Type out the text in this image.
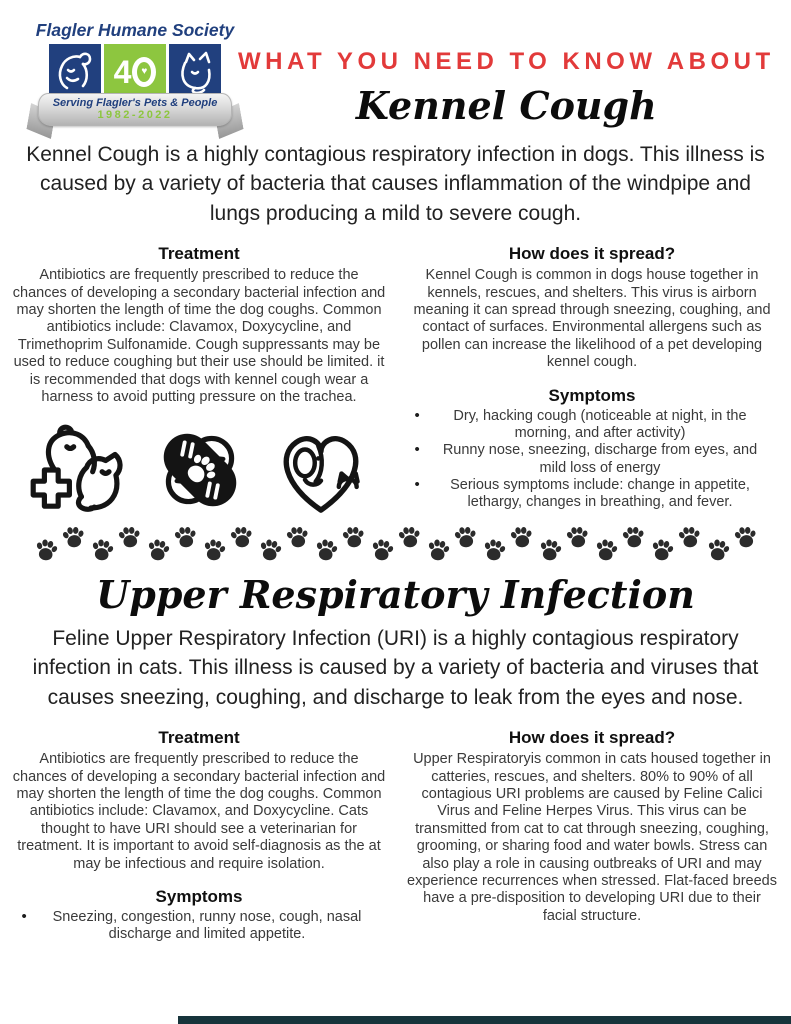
Flagler Humane Society
4 ♥
Serving Flagler's Pets & People
1982-2022
WHAT YOU NEED TO KNOW ABOUT
Kennel Cough
Kennel Cough is a highly contagious respiratory infection in dogs. This illness is caused by a variety of bacteria that causes inflammation of the windpipe and lungs producing a mild to severe cough.
Treatment
Antibiotics are frequently prescribed to reduce the chances of developing a secondary bacterial infection and may shorten the length of time the dog coughs. Common antibiotics include: Clavamox, Doxycycline, and Trimethoprim Sulfonamide. Cough suppressants may be used to reduce coughing but their use should be limited. it is recommended that dogs with kennel cough wear a harness to avoid putting pressure on the trachea.
How does it spread?
Kennel Cough is common in dogs house together in kennels, rescues, and shelters. This virus is airborn meaning it can spread through sneezing, coughing, and contact of surfaces. Environmental allergens such as pollen can increase the likelihood of a pet developing kennel cough.
Symptoms
• Dry, hacking cough (noticeable at night, in the morning, and after activity)
• Runny nose, sneezing, discharge from eyes, and mild loss of energy
• Serious symptoms include: change in appetite, lethargy, changes in breathing, and fever.
Upper Respiratory Infection
Feline Upper Respiratory Infection (URI) is a highly contagious respiratory infection in cats. This illness is caused by a variety of bacteria and viruses that causes sneezing, coughing, and discharge to leak from the eyes and nose.
Treatment
Antibiotics are frequently prescribed to reduce the chances of developing a secondary bacterial infection and may shorten the length of time the dog coughs. Common antibiotics include: Clavamox, and Doxycycline. Cats thought to have URI should see a veterinarian for treatment. It is important to avoid self-diagnosis as the at may be infectious and require isolation.
Symptoms
• Sneezing, congestion, runny nose, cough, nasal discharge and limited appetite.
How does it spread?
Upper Respiratoryis common in cats housed together in catteries, rescues, and shelters. 80% to 90% of all contagious URI problems are caused by Feline Calici Virus and Feline Herpes Virus. This virus can be transmitted from cat to cat through sneezing, coughing, grooming, or sharing food and water bowls. Stress can also play a role in causing outbreaks of URI and may experience recurrences when stressed. Flat-faced breeds have a pre-disposition to developing URI due to their facial structure.
